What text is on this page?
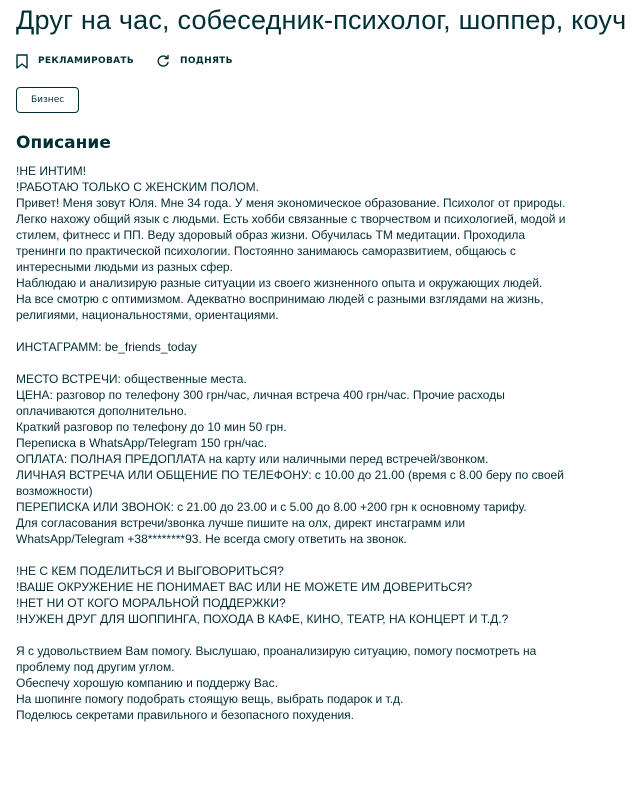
Друг на час, собеседник-психолог, шоппер, коуч
РЕКЛАМИРОВАТЬ	ПОДНЯТЬ
Бизнес
Описание
!НЕ ИНТИМ!
!РАБОТАЮ ТОЛЬКО С ЖЕНСКИМ ПОЛОМ.
Привет! Меня зовут Юля. Мне 34 года. У меня экономическое образование. Психолог от природы.
Легко нахожу общий язык с людьми. Есть хобби связанные с творчеством и психологией, модой и
стилем, фитнесс и ПП. Веду здоровый образ жизни. Обучилась ТМ медитации. Проходила
тренинги по практической психологии. Постоянно занимаюсь саморазвитием, общаюсь с
интересными людьми из разных сфер.
Наблюдаю и анализирую разные ситуации из своего жизненного опыта и окружающих людей.
На все смотрю с оптимизмом. Адекватно воспринимаю людей с разными взглядами на жизнь,
религиями, национальностями, ориентациями.
ИНСТАГРАММ: be_friends_today
МЕСТО ВСТРЕЧИ: общественные места.
ЦЕНА: разговор по телефону 300 грн/час, личная встреча 400 грн/час. Прочие расходы
оплачиваются дополнительно.
Краткий разговор по телефону до 10 мин 50 грн.
Переписка в WhatsApp/Telegram 150 грн/час.
ОПЛАТА: ПОЛНАЯ ПРЕДОПЛАТА на карту или наличными перед встречей/звонком.
ЛИЧНАЯ ВСТРЕЧА ИЛИ ОБЩЕНИЕ ПО ТЕЛЕФОНУ: с 10.00 до 21.00 (время с 8.00 беру по своей
возможности)
ПЕРЕПИСКА ИЛИ ЗВОНОК: с 21.00 до 23.00 и с 5.00 до 8.00 +200 грн к основному тарифу.
Для согласования встречи/звонка лучше пишите на олх, директ инстаграмм или
WhatsApp/Telegram +38********93. Не всегда смогу ответить на звонок.
!НЕ С КЕМ ПОДЕЛИТЬСЯ И ВЫГОВОРИТЬСЯ?
!ВАШЕ ОКРУЖЕНИЕ НЕ ПОНИМАЕТ ВАС ИЛИ НЕ МОЖЕТЕ ИМ ДОВЕРИТЬСЯ?
!НЕТ НИ ОТ КОГО МОРАЛЬНОЙ ПОДДЕРЖКИ?
!НУЖЕН ДРУГ ДЛЯ ШОППИНГА, ПОХОДА В КАФЕ, КИНО, ТЕАТР, НА КОНЦЕРТ И Т.Д.?
Я с удовольствием Вам помогу. Выслушаю, проанализирую ситуацию, помогу посмотреть на
проблему под другим углом.
Обеспечу хорошую компанию и поддержу Вас.
На шопинге помогу подобрать стоящую вещь, выбрать подарок и т.д.
Поделюсь секретами правильного и безопасного похудения.
